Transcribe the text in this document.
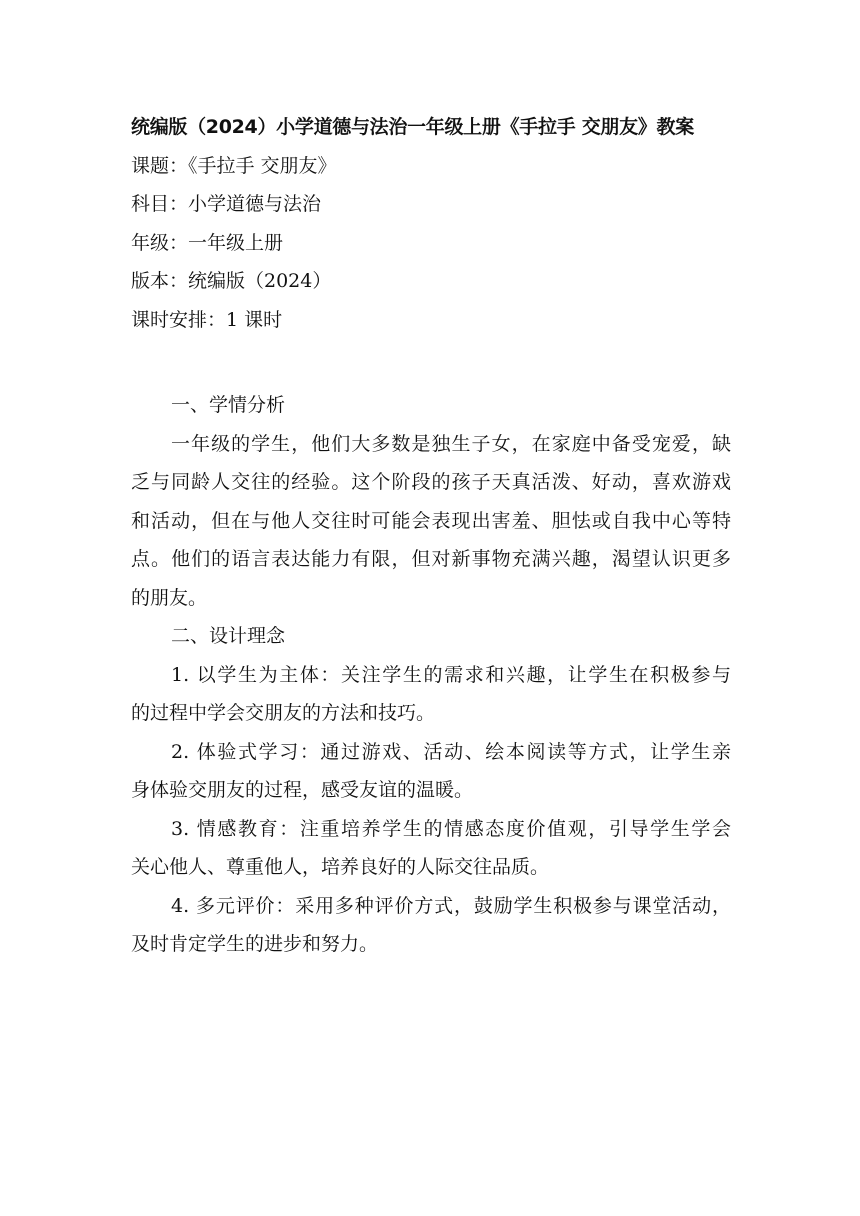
统编版（2024）小学道德与法治一年级上册《手拉手 交朋友》教案

课题：《手拉手 交朋友》

科目：小学道德与法治

年级：一年级上册

版本：统编版（2024）

课时安排：1 课时

一、学情分析

一年级的学生，他们大多数是独生子女，在家庭中备受宠爱，缺
乏与同龄人交往的经验。这个阶段的孩子天真活泼、好动，喜欢游戏
和活动，但在与他人交往时可能会表现出害羞、胆怯或自我中心等特
点。他们的语言表达能力有限，但对新事物充满兴趣，渴望认识更多
的朋友。

二、设计理念

1. 以学生为主体：关注学生的需求和兴趣，让学生在积极参与
的过程中学会交朋友的方法和技巧。
2. 体验式学习：通过游戏、活动、绘本阅读等方式，让学生亲
身体验交朋友的过程，感受友谊的温暖。
3. 情感教育：注重培养学生的情感态度价值观，引导学生学会
关心他人、尊重他人，培养良好的人际交往品质。
4. 多元评价：采用多种评价方式，鼓励学生积极参与课堂活动，
及时肯定学生的进步和努力。
